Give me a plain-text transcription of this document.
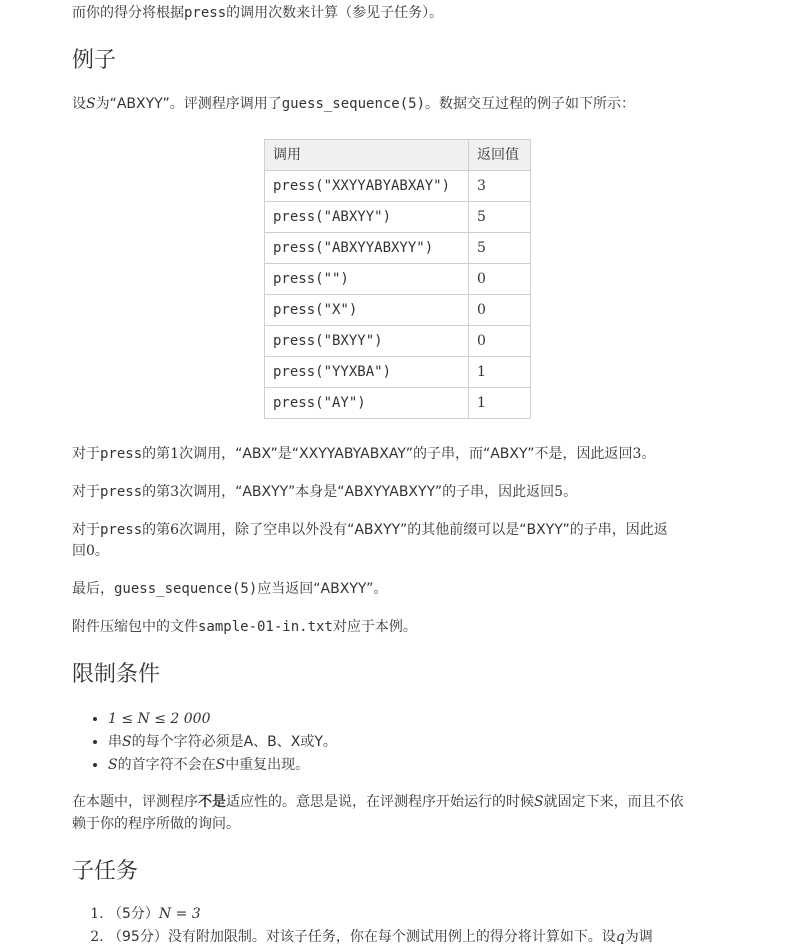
而你的得分将根据press的调用次数来计算（参见子任务）。

例子

设S为“ABXYY”。评测程序调用了guess_sequence(5)。数据交互过程的例子如下所示：

调用	返回值
press("XXYYABYABXAY")	3
press("ABXYY")	5
press("ABXYYABXYY")	5
press("")	0
press("X")	0
press("BXYY")	0
press("YYXBA")	1
press("AY")	1

对于press的第1次调用，“ABX”是“XXYYABYABXAY”的子串，而“ABXY”不是，因此返回3。

对于press的第3次调用，“ABXYY”本身是“ABXYYABXYY”的子串，因此返回5。

对于press的第6次调用，除了空串以外没有“ABXYY”的其他前缀可以是“BXYY”的子串，因此返
回0。

最后，guess_sequence(5)应当返回“ABXYY”。

附件压缩包中的文件sample-01-in.txt对应于本例。

限制条件
• 1 ≤ N ≤ 2 000
• 串S的每个字符必须是A、B、X或Y。
• S的首字符不会在S中重复出现。

在本题中，评测程序不是适应性的。意思是说，在评测程序开始运行的时候S就固定下来，而且不依
赖于你的程序所做的询问。

子任务
1. （5分）N = 3
2. （95分）没有附加限制。对该子任务，你在每个测试用例上的得分将计算如下。设q为调
